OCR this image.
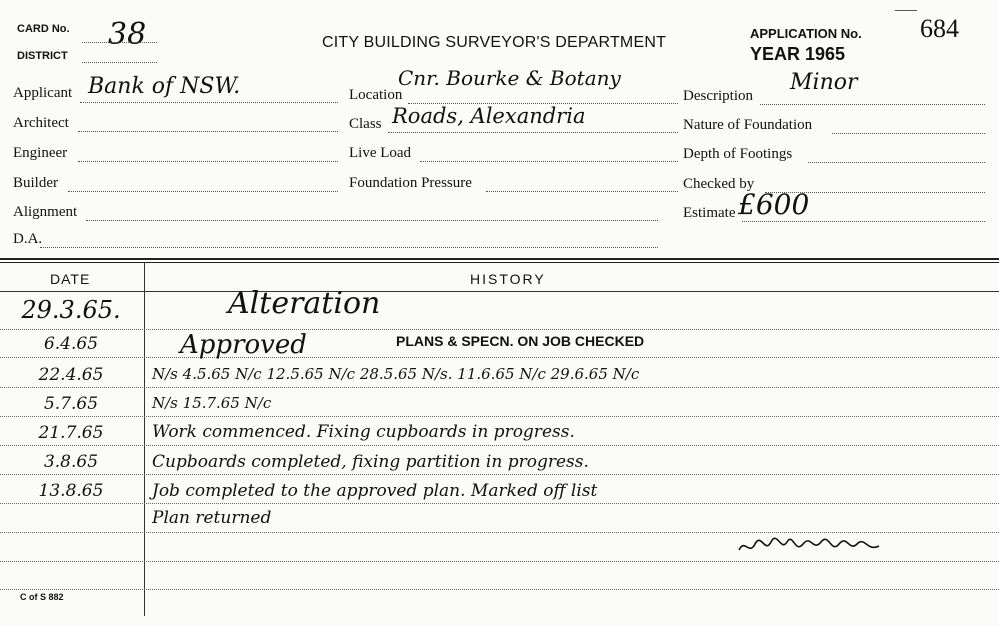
CARD No. 38
DISTRICT
CITY BUILDING SURVEYOR'S DEPARTMENT
APPLICATION No. 684
YEAR 1965
Applicant Bank of NSW.
Architect
Engineer
Builder
Alignment
D.A.
Location
Cnr. Bourke & Botany
Class Roads, Alexandria
Live Load
Foundation Pressure
Description
Minor
Nature of Foundation
Depth of Footings
Checked by
Estimate £600
DATE	HISTORY
29.3.65.	Alteration
6.4.65	Approved	PLANS & SPECN. ON JOB CHECKED
22.4.65	N/s 4.5.65 N/c 12.5.65 N/c 28.5.65 N/s. 11.6.65 N/c 29.6.65 N/c
5.7.65	N/s 15.7.65 N/c
21.7.65	Work commenced. Fixing cupboards in progress.
3.8.65	Cupboards completed, fixing partition in progress.
13.8.65	Job completed to the approved plan. Marked off list
Plan returned
C of S 882
